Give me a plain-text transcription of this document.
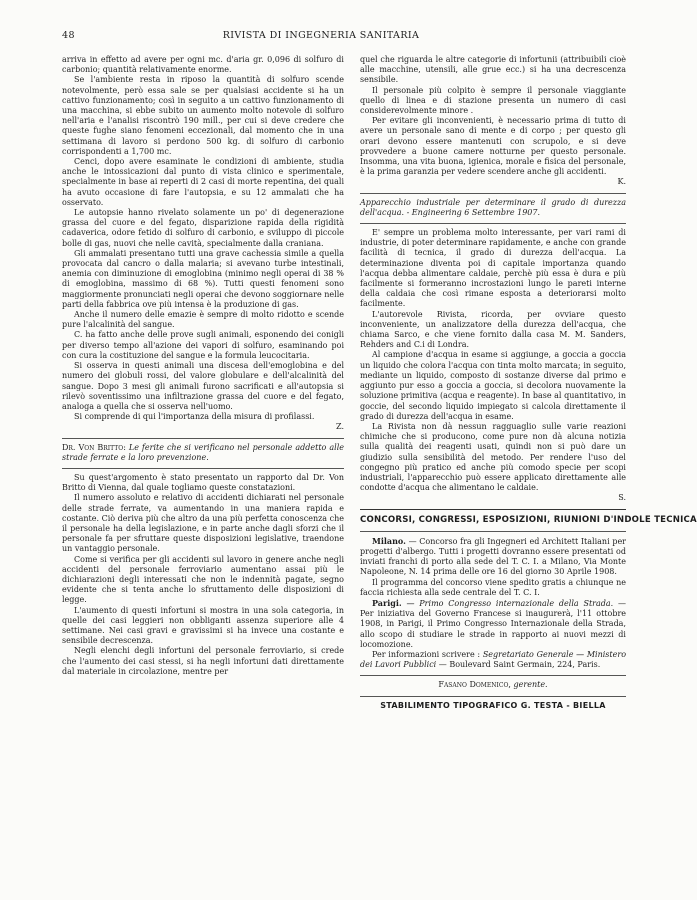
48	RIVISTA DI INGEGNERIA SANITARIA

arriva in effetto ad avere per ogni mc. d'aria gr. 0,096 di solfuro di carbonio; quantità relativamente enorme.

Se l'ambiente resta in riposo la quantità di solfuro scende notevolmente, però essa sale se per qualsiasi accidente si ha un cattivo funzionamento; così in seguito a un cattivo funzionamento di una macchina, si ebbe subito un aumento molto notevole di solfuro nell'aria e l'analisi riscontrò 190 mill., per cui si deve credere che queste fughe siano fenomeni eccezionali, dal momento che in una settimana di lavoro si perdono 500 kg. di solfuro di carbonio corrispondenti a 1,700 mc.

Cenci, dopo avere esaminate le condizioni di ambiente, studia anche le intossicazioni dal punto di vista clinico e sperimentale, specialmente in base ai reperti di 2 casi di morte repentina, dei quali ha avuto occasione di fare l'autopsia, e su 12 ammalati che ha osservato.

Le autopsie hanno rivelato solamente un po' di degenerazione grassa del cuore e del fegato, disparizione rapida della rigidità cadaverica, odore fetido di solfuro di carbonio, e sviluppo di piccole bolle di gas, nuovi che nelle cavità, specialmente dalla craniana.

Gli ammalati presentano tutti una grave cachessia simile a quella provocata dal cancro o dalla malaria; si avevano turbe intestinali, anemia con diminuzione di emoglobina (minimo negli operai di 38 % di emoglobina, massimo di 68 %). Tutti questi fenomeni sono maggiormente pronunciati negli operai che devono soggiornare nelle parti della fabbrica ove più intensa è la produzione di gas.

Anche il numero delle emazie è sempre di molto ridotto e scende pure l'alcalinità del sangue.

C. ha fatto anche delle prove sugli animali, esponendo dei conigli per diverso tempo all'azione dei vapori di solfuro, esaminando poi con cura la costituzione del sangue e la formula leucocitaria.

Si osserva in questi animali una discesa dell'emoglobina e del numero dei globuli rossi, del valore globulare e dell'alcalinità del sangue. Dopo 3 mesi gli animali furono sacrificati e all'autopsia si rilevò soventissimo una infiltrazione grassa del cuore e del fegato, analoga a quella che si osserva nell'uomo.

Si comprende di qui l'importanza della misura di profilassi.

Z.

Dr. Von Britto: Le ferite che si verificano nel personale addetto alle strade ferrate e la loro prevenzione.

Su quest'argomento è stato presentato un rapporto dal Dr. Von Britto di Vienna, dal quale togliamo queste constatazioni.

Il numero assoluto e relativo di accidenti dichiarati nel personale delle strade ferrate, va aumentando in una maniera rapida e costante. Ciò deriva più che altro da una più perfetta conoscenza che il personale ha della legislazione, e in parte anche dagli sforzi che il personale fa per sfruttare queste disposizioni legislative, traendone un vantaggio personale.

Come si verifica per gli accidenti sul lavoro in genere anche negli accidenti del personale ferroviario aumentano assai più le dichiarazioni degli interessati che non le indennità pagate, segno evidente che si tenta anche lo sfruttamento delle disposizioni di legge.

L'aumento di questi infortuni si mostra in una sola categoria, in quelle dei casi leggieri non obbliganti assenza superiore alle 4 settimane. Nei casi gravi e gravissimi si ha invece una costante e sensibile decrescenza.

Negli elenchi degli infortuni del personale ferroviario, si crede che l'aumento dei casi stessi, si ha negli infortuni dati direttamente dal materiale in circolazione, mentre per

quel che riguarda le altre categorie di infortunii (attribuibili cioè alle macchine, utensili, alle grue ecc.) si ha una decrescenza sensibile.

Il personale più colpito è sempre il personale viaggiante quello di linea e di stazione presenta un numero di casi considerevolmente minore .

Per evitare gli inconvenienti, è necessario prima di tutto di avere un personale sano di mente e di corpo ; per questo gli orari devono essere mantenuti con scrupolo, e si deve provvedere a buone camere notturne per questo personale. Insomma, una vita buona, igienica, morale e fisica del personale, è la prima garanzia per vedere scendere anche gli accidenti.

K.

Apparecchio industriale per determinare il grado di durezza dell'acqua. - Engineering 6 Settembre 1907.

E' sempre un problema molto interessante, per vari rami di industrie, di poter determinare rapidamente, e anche con grande facilità di tecnica, il grado di durezza dell'acqua. La determinazione diventa poi di capitale importanza quando l'acqua debba alimentare caldaie, perchè più essa è dura e più facilmente si formeranno incrostazioni lungo le pareti interne della caldaia che così rimane esposta a deteriorarsi molto facilmente.

L'autorevole Rivista, ricorda, per ovviare questo inconveniente, un analizzatore della durezza dell'acqua, che chiama Sarco, e che viene fornito dalla casa M. M. Sanders, Rehders and C.i di Londra.

Al campione d'acqua in esame si aggiunge, a goccia a goccia un liquido che colora l'acqua con tinta molto marcata; in seguito, mediante un liquido, composto di sostanze diverse dal primo e aggiunto pur esso a goccia a goccia, si decolora nuovamente la soluzione primitiva (acqua e reagente). In base al quantitativo, in goccie, del secondo liquido impiegato si calcola direttamente il grado di durezza dell'acqua in esame.

La Rivista non dà nessun ragguaglio sulle varie reazioni chimiche che si producono, come pure non dà alcuna notizia sulla qualità dei reagenti usati, quindi non si può dare un giudizio sulla sensibilità del metodo. Per rendere l'uso del congegno più pratico ed anche più comodo specie per scopi industriali, l'apparecchio può essere applicato direttamente alle condotte d'acqua che alimentano le caldaie.

S.

CONCORSI, CONGRESSI, ESPOSIZIONI, RIUNIONI D'INDOLE TECNICA

Milano. — Concorso fra gli Ingegneri ed Architett Italiani per progetti d'albergo. Tutti i progetti dovranno essere presentati od inviati franchi di porto alla sede del T. C. I. a Milano, Via Monte Napoleone, N. 14 prima delle ore 16 del giorno 30 Aprile 1908.

Il programma del concorso viene spedito gratis a chiunque ne faccia richiesta alla sede centrale del T. C. I.

Parigi. — Primo Congresso internazionale della Strada. — Per iniziativa del Governo Francese si inaugurerà, l'11 ottobre 1908, in Parigi, il Primo Congresso Internazionale della Strada, allo scopo di studiare le strade in rapporto ai nuovi mezzi di locomozione.

Per informazioni scrivere : Segretariato Generale — Ministero dei Lavori Pubblici — Boulevard Saint Germain, 224, Paris.

Fasano Domenico, gerente.

STABILIMENTO TIPOGRAFICO G. TESTA - BIELLA
